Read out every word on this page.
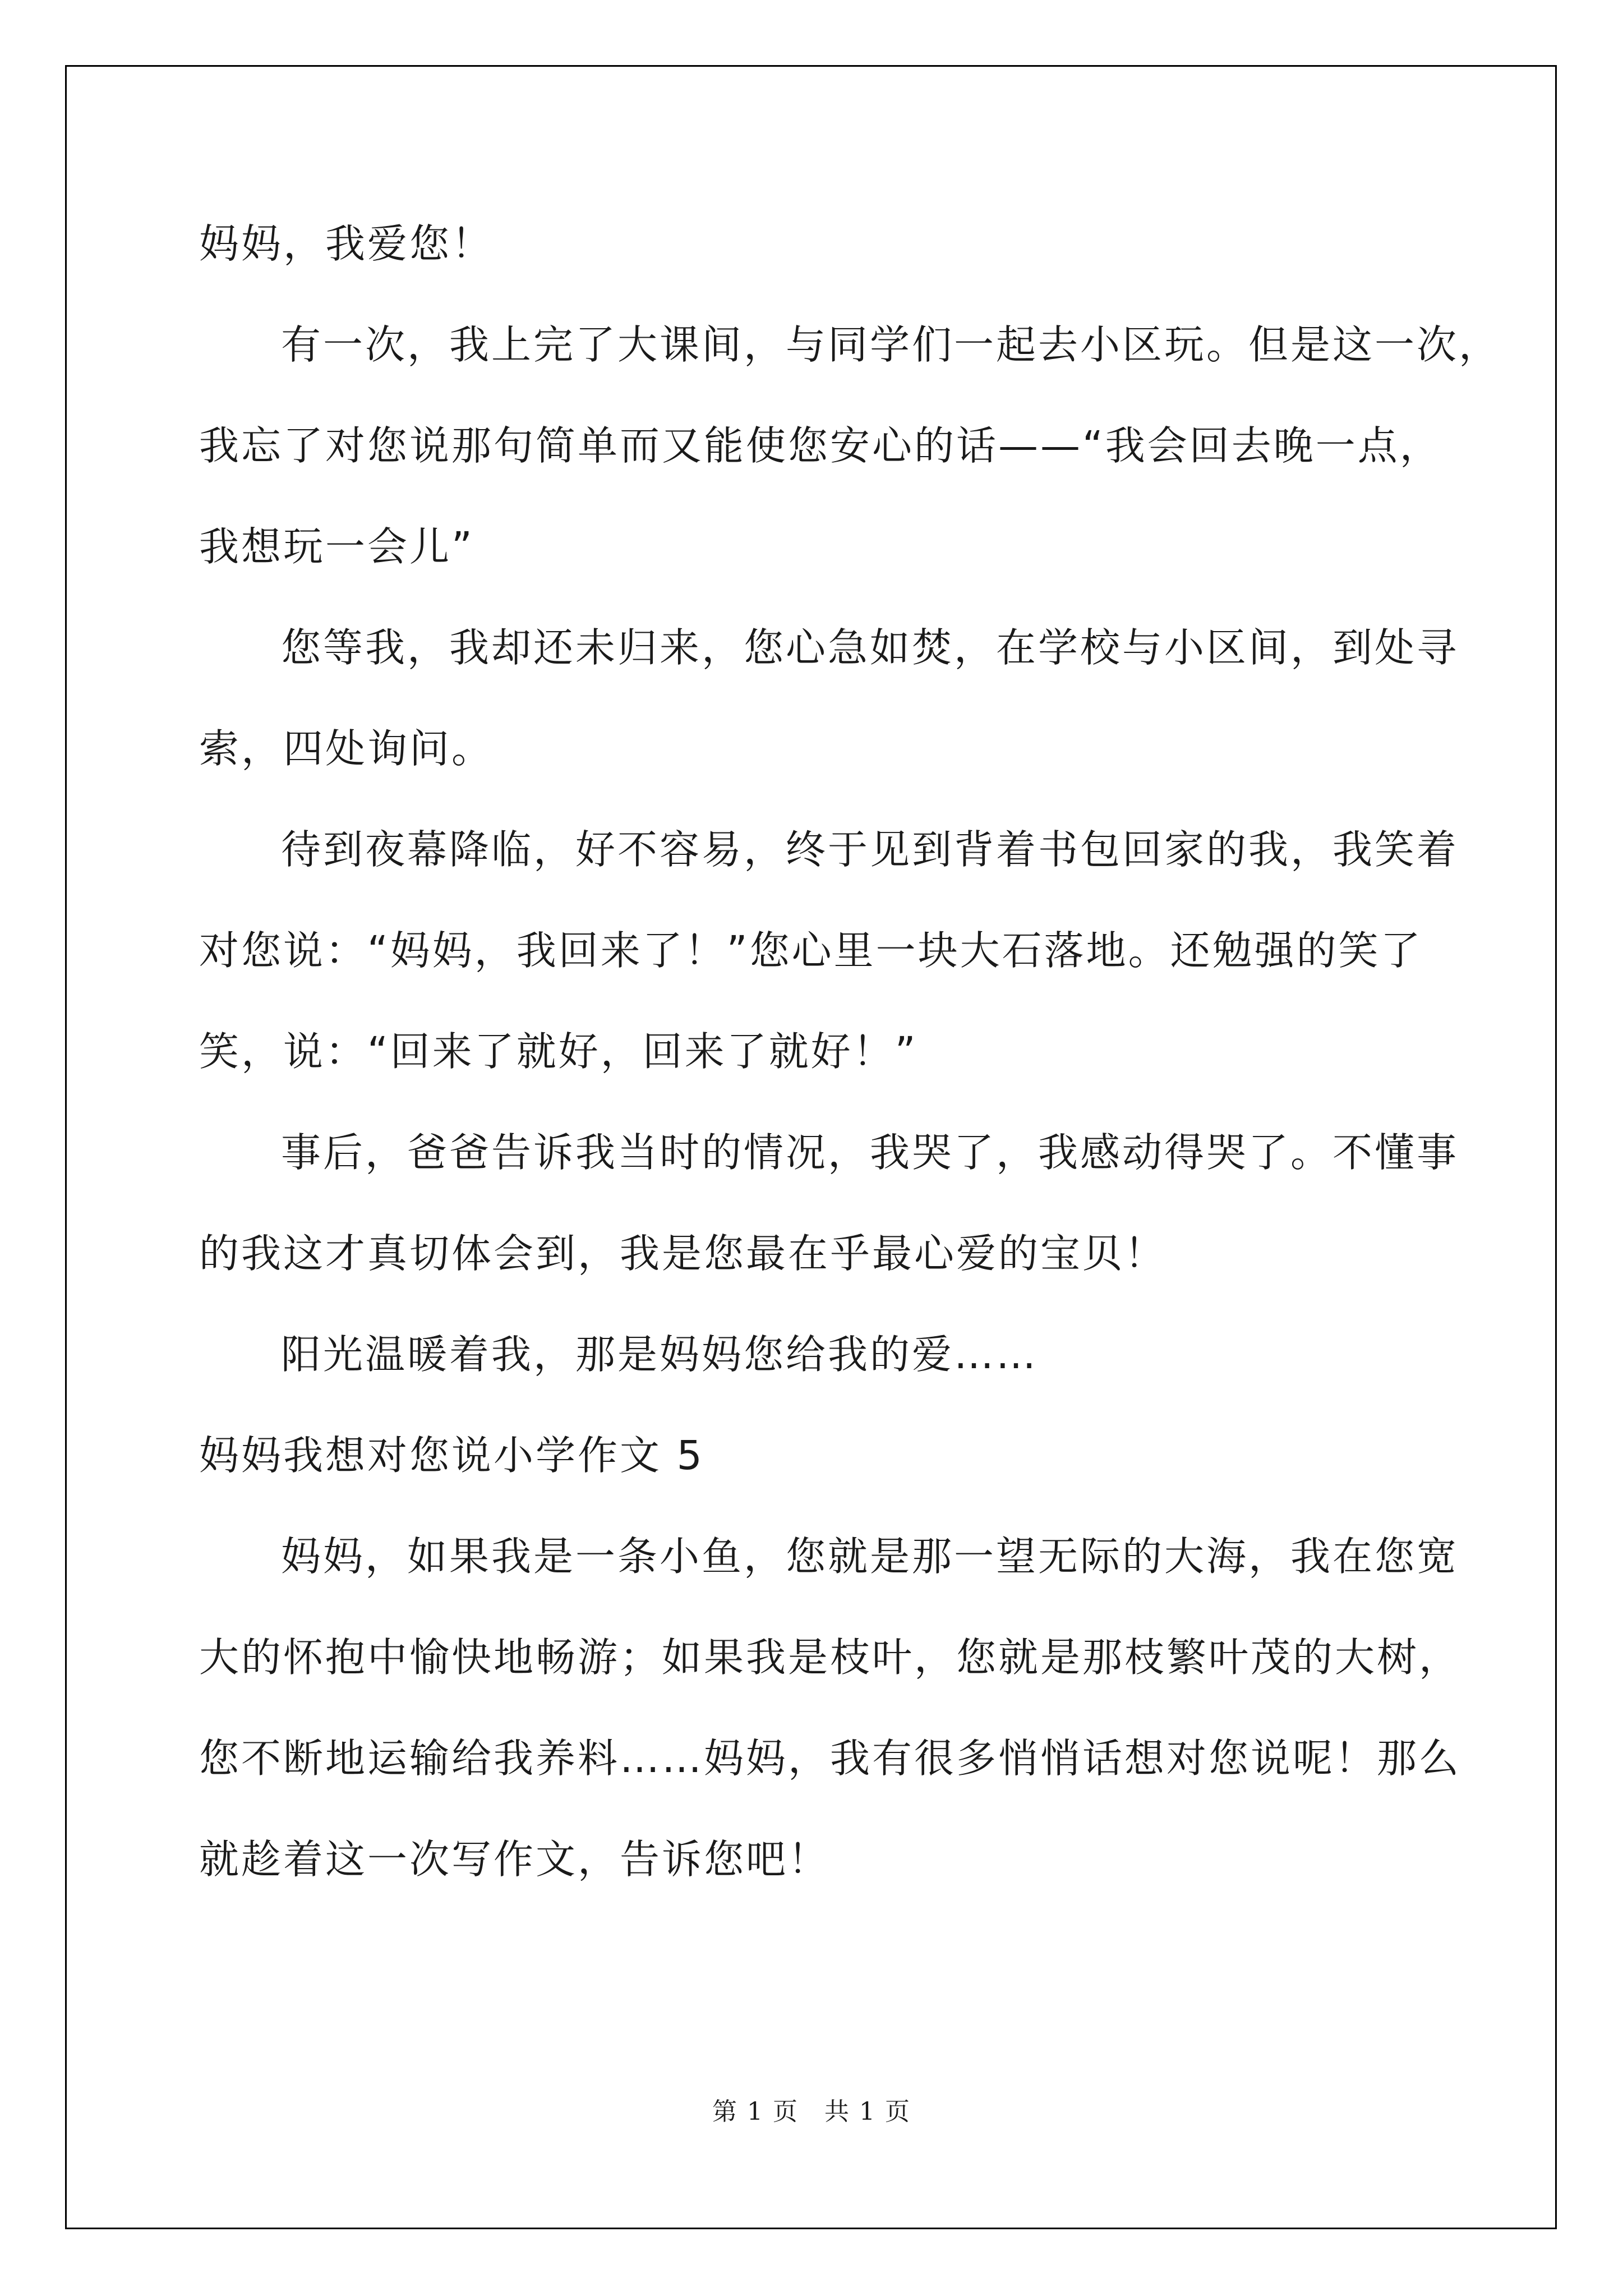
妈妈，我爱您！
有一次，我上完了大课间，与同学们一起去小区玩。但是这一次，
我忘了对您说那句简单而又能使您安心的话——“我会回去晚一点，
我想玩一会儿”
您等我，我却还未归来，您心急如焚，在学校与小区间，到处寻
索，四处询问。
待到夜幕降临，好不容易，终于见到背着书包回家的我，我笑着
对您说：“妈妈，我回来了！”您心里一块大石落地。还勉强的笑了
笑，说：“回来了就好，回来了就好！”
事后，爸爸告诉我当时的情况，我哭了，我感动得哭了。不懂事
的我这才真切体会到，我是您最在乎最心爱的宝贝！
阳光温暖着我，那是妈妈您给我的爱……
妈妈我想对您说小学作文 5
妈妈，如果我是一条小鱼，您就是那一望无际的大海，我在您宽
大的怀抱中愉快地畅游；如果我是枝叶，您就是那枝繁叶茂的大树，
您不断地运输给我养料……妈妈，我有很多悄悄话想对您说呢！那么
就趁着这一次写作文，告诉您吧！
第 1 页　共 1 页
